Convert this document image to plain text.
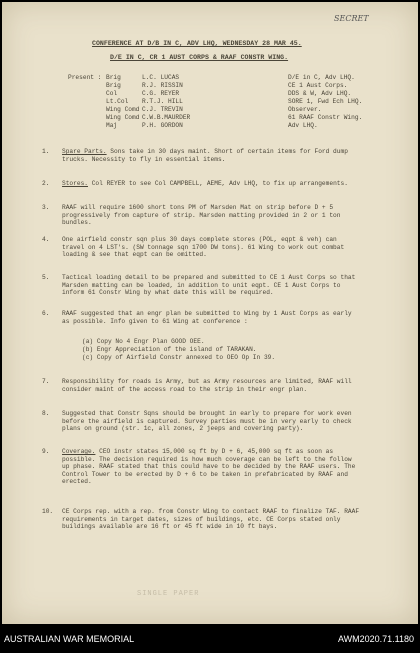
SECRET
CONFERENCE AT D/B IN C, ADV LHQ, WEDNESDAY 28 MAR 45.
D/E IN C, CR 1 AUST CORPS & RAAF CONSTR WING.
Present : Brig	L.C. LUCAS	D/E in C, Adv LHQ.
Brig	R.J. RISSIN	CE 1 Aust Corps.
Col	C.G. REYER	DDS & W, Adv LHQ.
Lt.Col R.T.J. HILL	SORE 1, Fwd Ech LHQ.
Wing Comd C.J. TREVIN	Observer.
Wing Comd C.W.B.MAURDER	61 RAAF Constr Wing.
Maj	P.H. GORDON	Adv LHQ.
1. Spare Parts. Sons take in 30 days maint. Short of certain items for Ford dump trucks. Necessity to fly in essential items.
2. Stores. Col REYER to see Col CAMPBELL, AEME, Adv LHQ, to fix up arrangements.
3. RAAF will require 1600 short tons PM of Marsden Mat on strip before D + 5 progressively from capture of strip. Marsden matting provided in 2 or 1 ton bundles.
4. One airfield constr sqn plus 30 days complete stores (POL, eqpt & veh) can travel on 4 LST's. (SW tonnage sqn 1700 DW tons). 61 Wing to work out combat loading & see that eqpt can be omitted.
5. Tactical loading detail to be prepared and submitted to CE 1 Aust Corps so that Marsden matting can be loaded, in addition to unit eqpt. CE 1 Aust Corps to inform 61 Constr Wing by what date this will be required.
6. RAAF suggested that an engr plan be submitted to Wing by 1 Aust Corps as early as possible. Info given to 61 Wing at conference :
7. Responsibility for roads is Army, but as Army resources are limited, RAAF will consider maint of the access road to the strip in their engr plan.
8. Suggested that Constr Sqns should be brought in early to prepare for work even before the airfield is captured. Survey parties must be in very early to check plans on ground (str. 1c, all zones, 2 jeeps and covering party).
9. Coverage. CEO instr states 15,000 sq ft by D + 6, 45,000 sq ft as soon as possible. The decision required is how much coverage can be left to the follow up phase. RAAF stated that this could have to be decided by the RAAF users. The Control Tower to be erected by D + 6 to be taken in prefabricated by RAAF and erected.
10. CE Corps rep. with a rep. from Constr Wing to contact RAAF to finalize TAF. RAAF requirements in target dates, sizes of buildings, etc. CE Corps stated only buildings available are 16 ft or 45 ft wide in 10 ft bays.
(a) Copy No 4 Engr Plan GOOD OEE.
(b) Engr Appreciation of the island of TARAKAN.
(c) Copy of Airfield Constr annexed to OEO Op In 39.
SINGLE PAPER
AUSTRALIAN WAR MEMORIAL	AWM2020.71.1180
